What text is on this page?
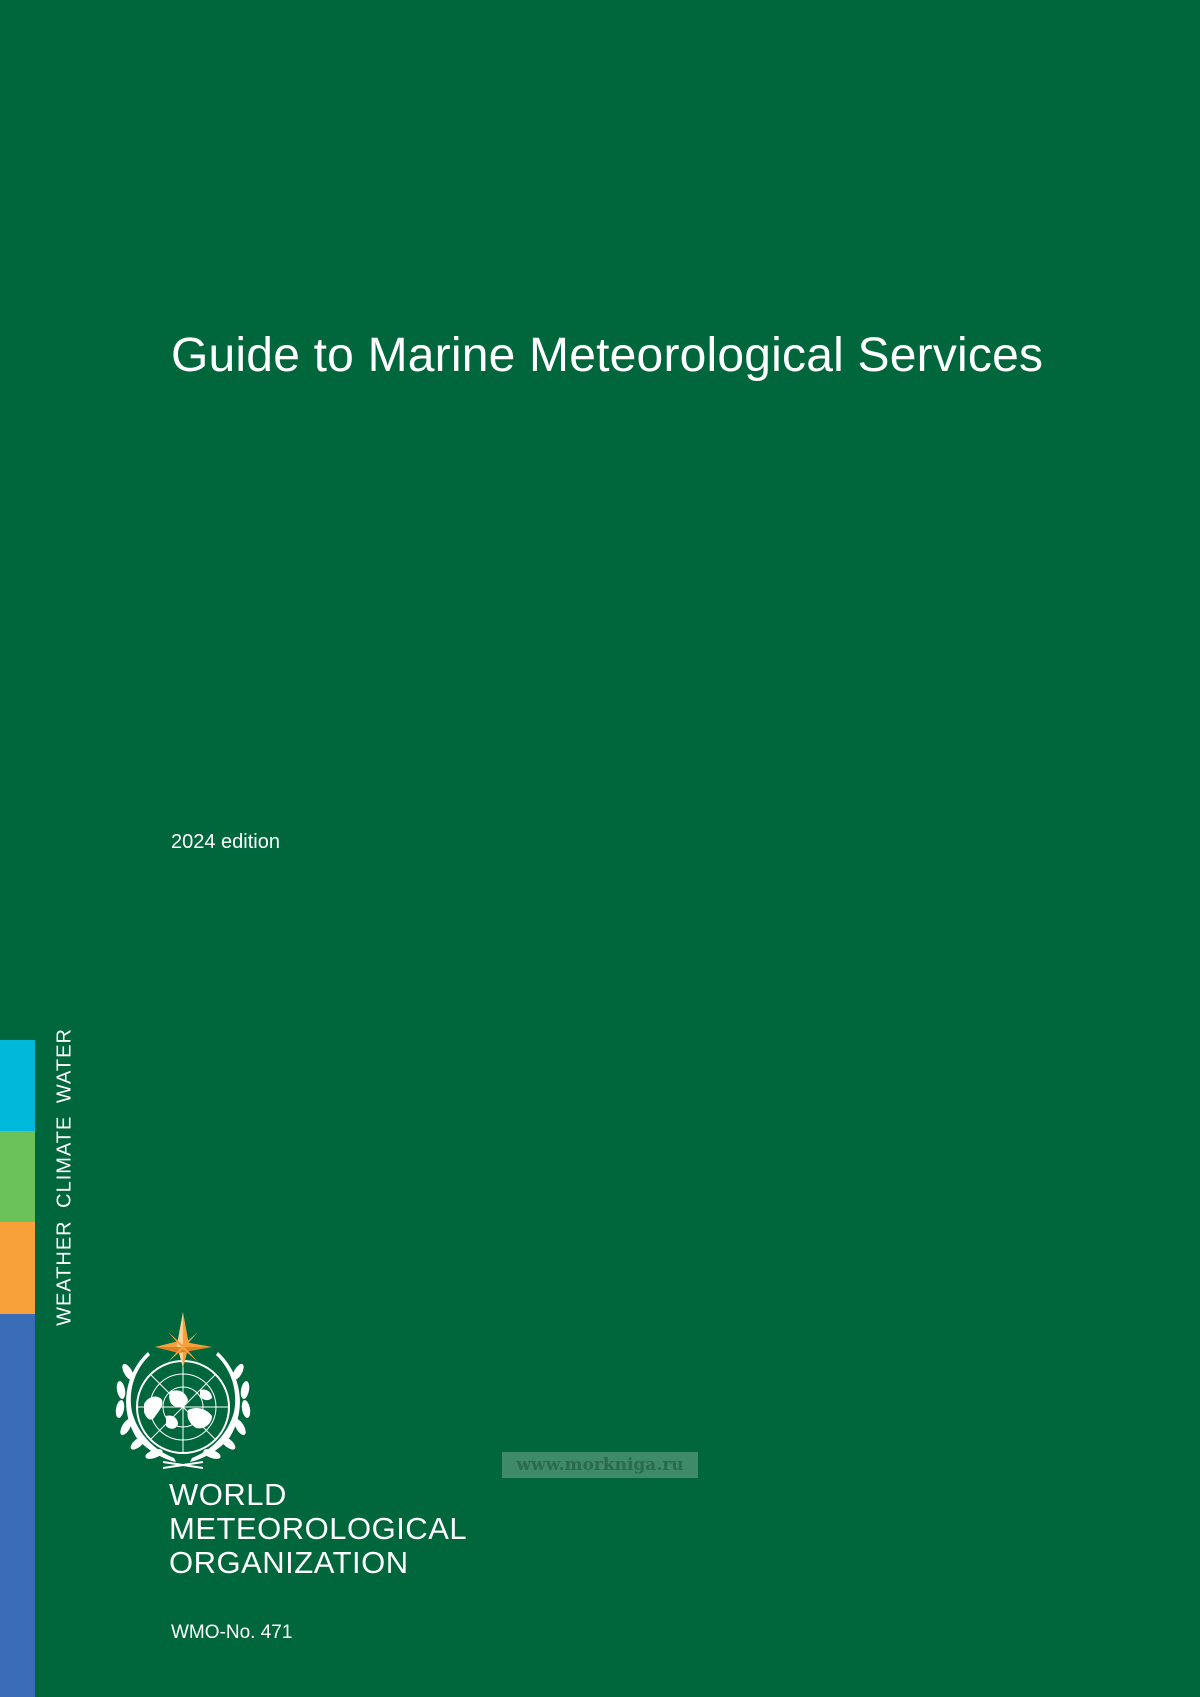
Guide to Marine Meteorological Services
2024 edition
WEATHER CLIMATE WATER
WORLD
METEOROLOGICAL
ORGANIZATION
WMO-No. 471
www.morkniga.ru
